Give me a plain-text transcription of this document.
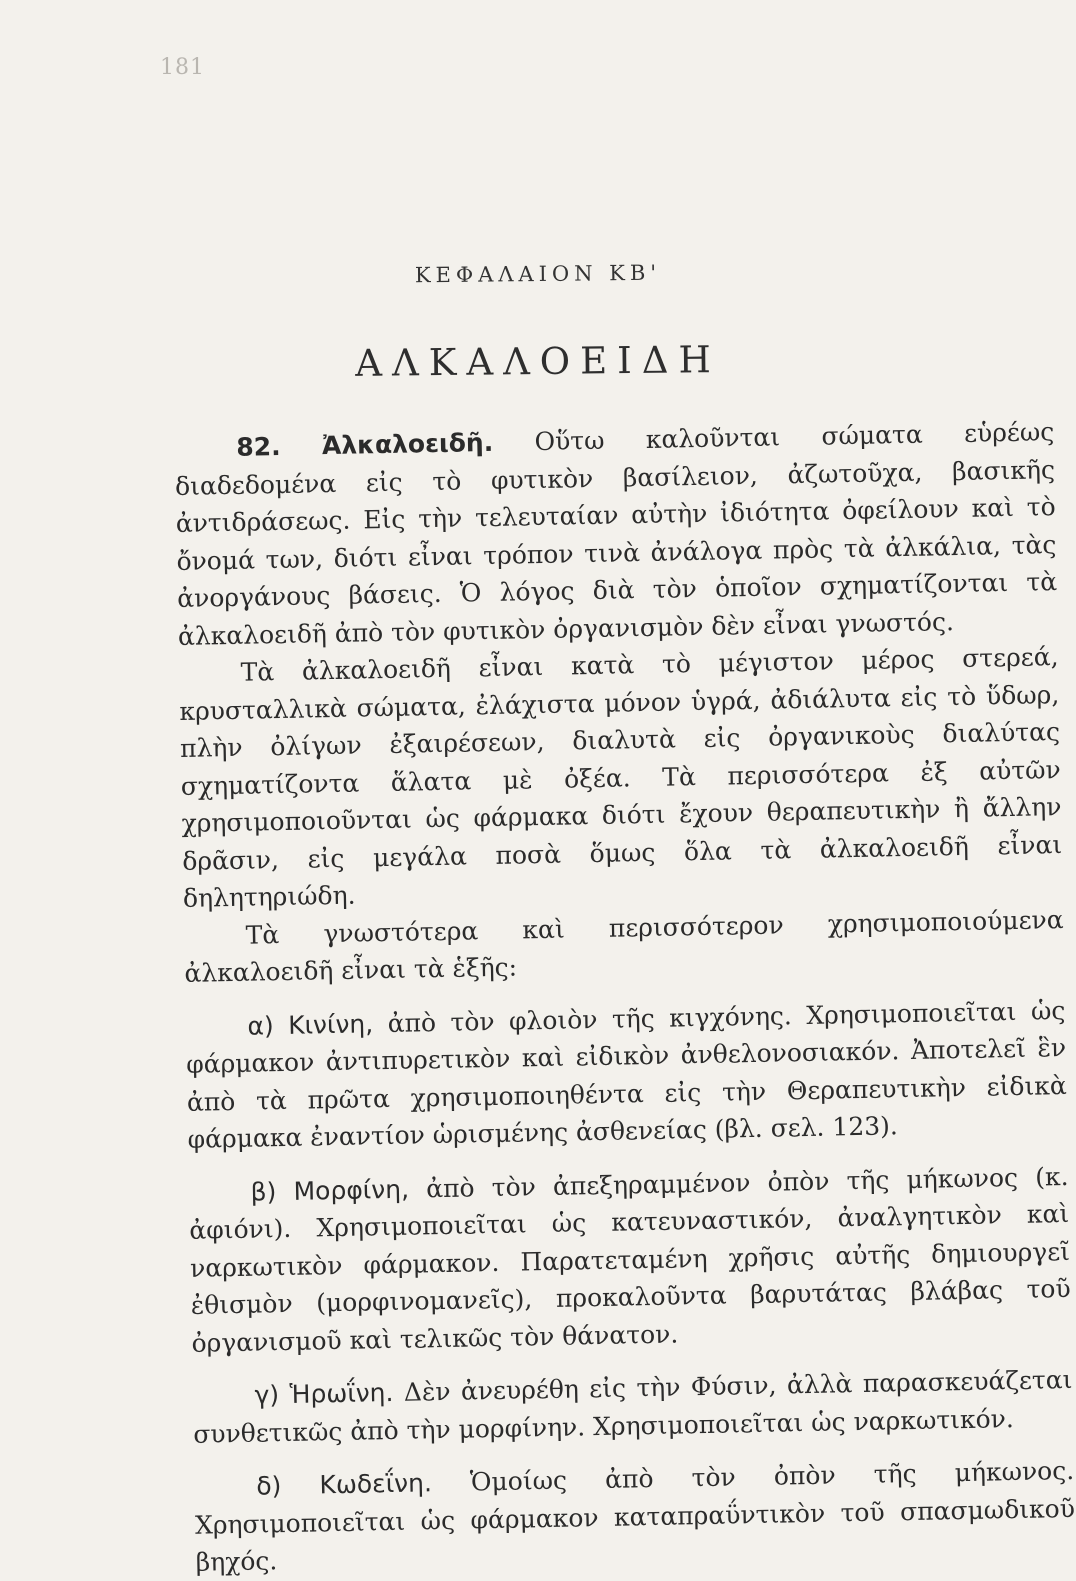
181
ΚΕΦΑΛΑΙΟΝ ΚΒ'
ΑΛΚΑΛΟΕΙΔΗ

82. Ἀλκαλοειδῆ. Οὕτω καλοῦνται σώματα εὑρέως διαδεδομένα εἰς τὸ φυτικὸν βασίλειον, ἀζωτοῦχα, βασικῆς ἀντιδράσεως. Εἰς τὴν τελευταίαν αὐτὴν ἰδιότητα ὀφείλουν καὶ τὸ ὄνομά των, διότι εἶναι τρόπον τινὰ ἀνάλογα πρὸς τὰ ἀλκάλια, τὰς ἀνοργάνους βάσεις. Ὁ λόγος διὰ τὸν ὁποῖον σχηματίζονται τὰ ἀλκαλοειδῆ ἀπὸ τὸν φυτικὸν ὀργανισμὸν δὲν εἶναι γνωστός.

Τὰ ἀλκαλοειδῆ εἶναι κατὰ τὸ μέγιστον μέρος στερεά, κρυσταλλικὰ σώματα, ἐλάχιστα μόνον ὑγρά, ἀδιάλυτα εἰς τὸ ὕδωρ, πλὴν ὀλίγων ἐξαιρέσεων, διαλυτὰ εἰς ὀργανικοὺς διαλύτας σχηματίζοντα ἅλατα μὲ ὀξέα. Τὰ περισσότερα ἐξ αὐτῶν χρησιμοποιοῦνται ὡς φάρμακα διότι ἔχουν θεραπευτικὴν ἢ ἄλλην δρᾶσιν, εἰς μεγάλα ποσὰ ὅμως ὅλα τὰ ἀλκαλοειδῆ εἶναι δηλητηριώδη.

Τὰ γνωστότερα καὶ περισσότερον χρησιμοποιούμενα ἀλκαλοειδῆ εἶναι τὰ ἑξῆς:

α) Κινίνη, ἀπὸ τὸν φλοιὸν τῆς κιγχόνης. Χρησιμοποιεῖται ὡς φάρμακον ἀντιπυρετικὸν καὶ εἰδικὸν ἀνθελονοσιακόν. Ἀποτελεῖ ἓν ἀπὸ τὰ πρῶτα χρησιμοποιηθέντα εἰς τὴν Θεραπευτικὴν εἰδικὰ φάρμακα ἐναντίον ὡρισμένης ἀσθενείας (βλ. σελ. 123).

β) Μορφίνη, ἀπὸ τὸν ἀπεξηραμμένον ὀπὸν τῆς μήκωνος (κ. ἀφιόνι). Χρησιμοποιεῖται ὡς κατευναστικόν, ἀναλγητικὸν καὶ ναρκωτικὸν φάρμακον. Παρατεταμένη χρῆσις αὐτῆς δημιουργεῖ ἐθισμὸν (μορφινομανεῖς), προκαλοῦντα βαρυτάτας βλάβας τοῦ ὀργανισμοῦ καὶ τελικῶς τὸν θάνατον.

γ) Ἡρωΐνη. Δὲν ἀνευρέθη εἰς τὴν Φύσιν, ἀλλὰ παρασκευάζεται συνθετικῶς ἀπὸ τὴν μορφίνην. Χρησιμοποιεῖται ὡς ναρκωτικόν.

δ) Κωδεΐνη. Ὁμοίως ἀπὸ τὸν ὀπὸν τῆς μήκωνος. Χρησιμοποιεῖται ὡς φάρμακον καταπραΰντικὸν τοῦ σπασμωδικοῦ βηχός.
